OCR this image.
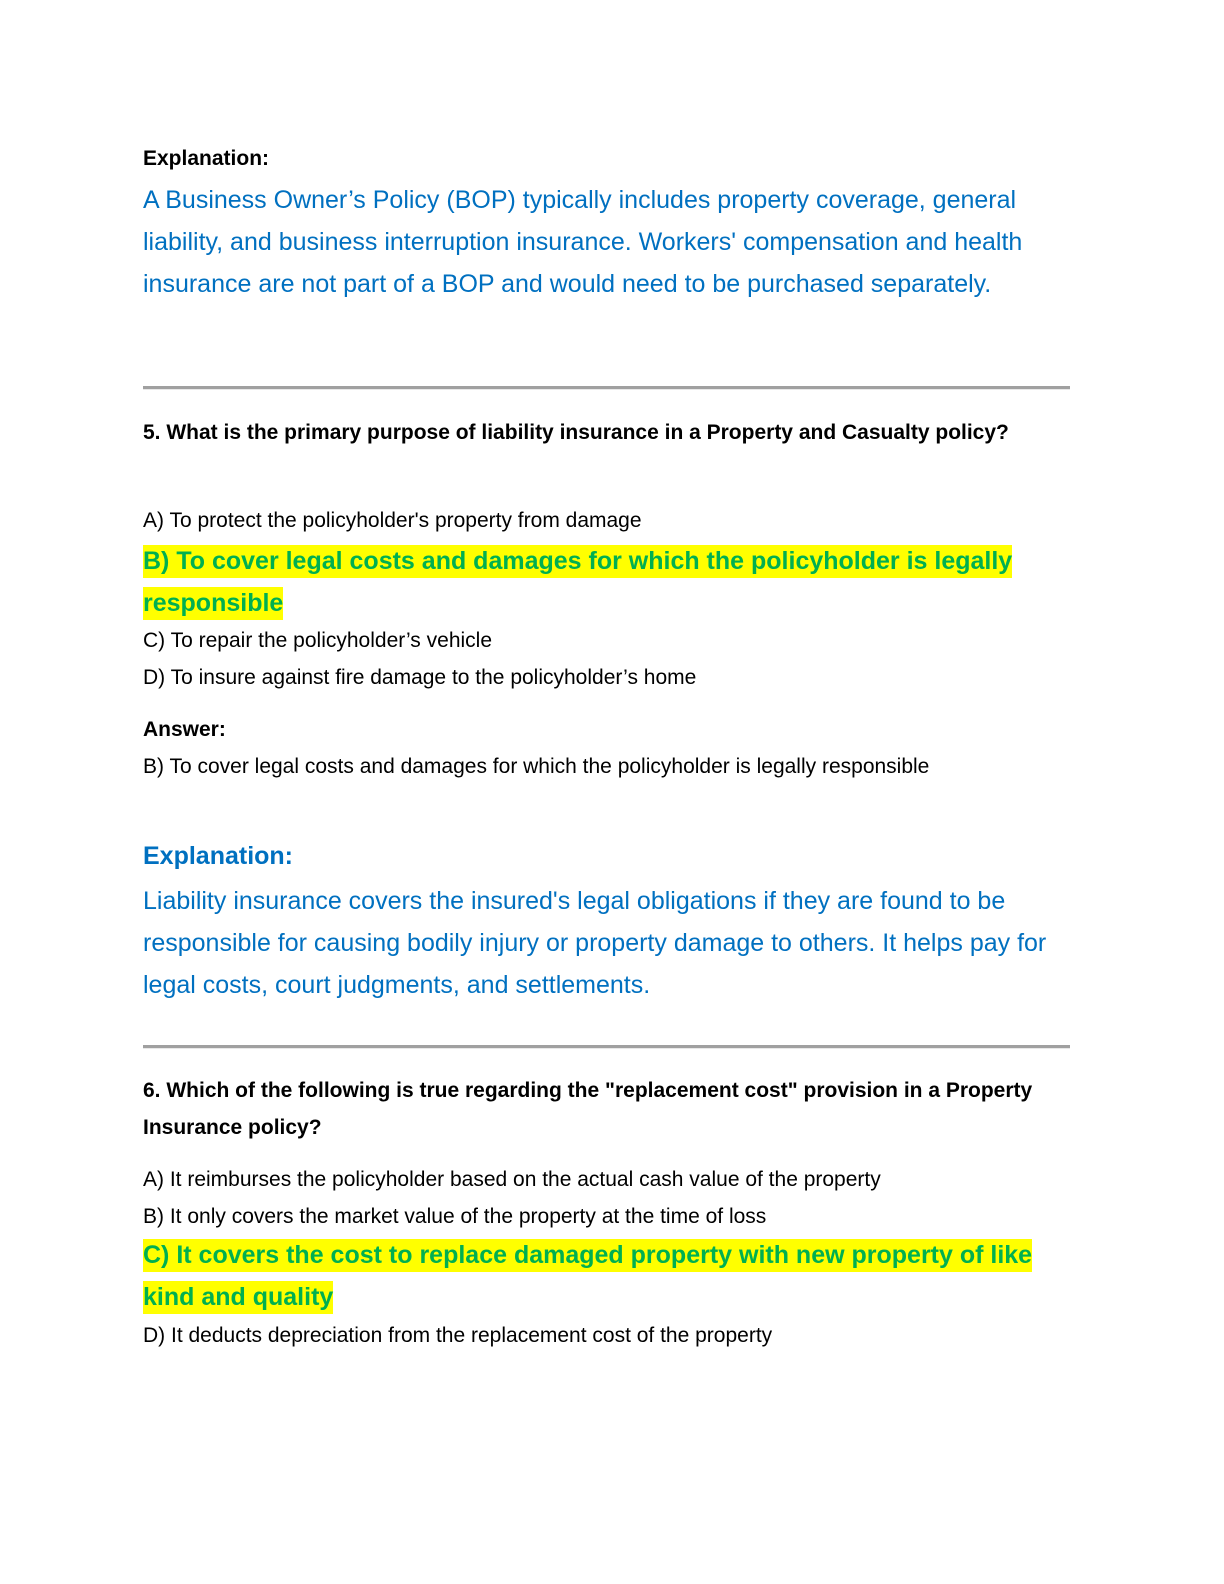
Explanation:
A Business Owner’s Policy (BOP) typically includes property coverage, general liability, and business interruption insurance. Workers' compensation and health insurance are not part of a BOP and would need to be purchased separately.
5. What is the primary purpose of liability insurance in a Property and Casualty policy?
A) To protect the policyholder's property from damage
B) To cover legal costs and damages for which the policyholder is legally responsible
C) To repair the policyholder’s vehicle
D) To insure against fire damage to the policyholder’s home
Answer:
B) To cover legal costs and damages for which the policyholder is legally responsible
Explanation:
Liability insurance covers the insured's legal obligations if they are found to be responsible for causing bodily injury or property damage to others. It helps pay for legal costs, court judgments, and settlements.
6. Which of the following is true regarding the "replacement cost" provision in a Property Insurance policy?
A) It reimburses the policyholder based on the actual cash value of the property
B) It only covers the market value of the property at the time of loss
C) It covers the cost to replace damaged property with new property of like kind and quality
D) It deducts depreciation from the replacement cost of the property
